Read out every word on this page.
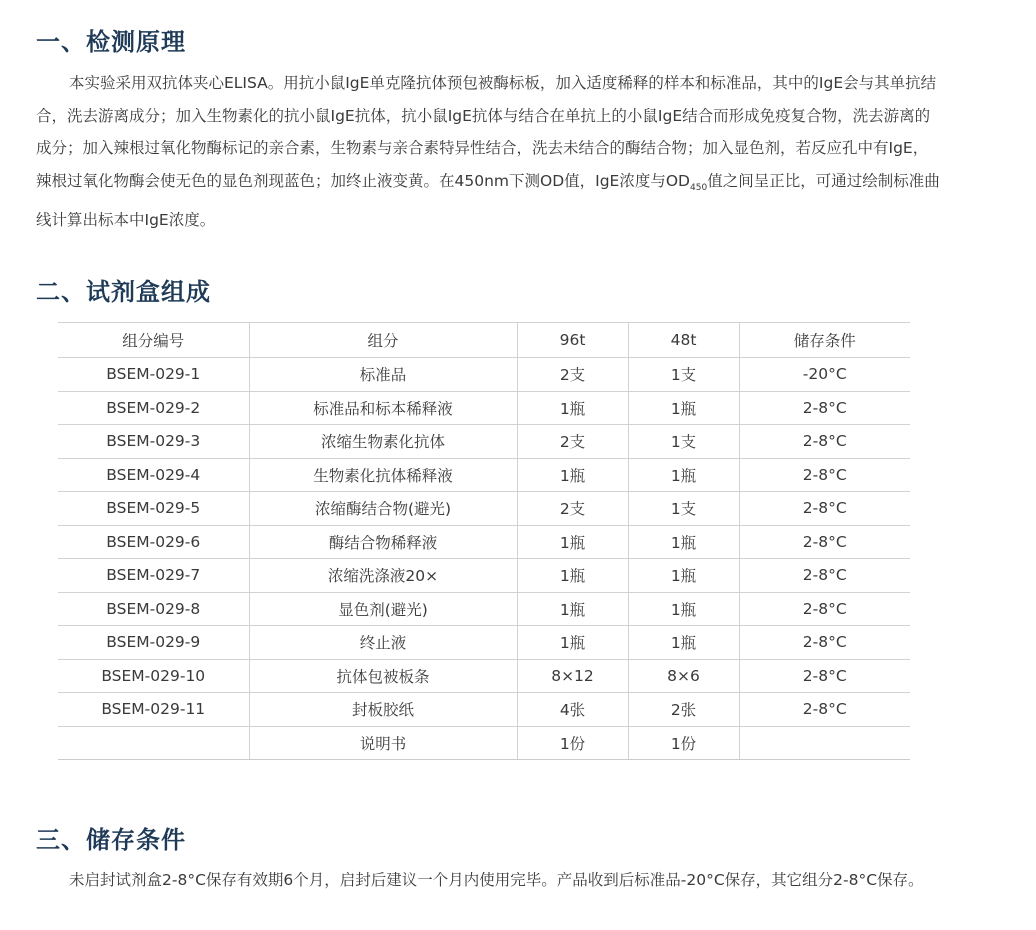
一、检测原理

本实验采用双抗体夹心ELISA。用抗小鼠IgE单克隆抗体预包被酶标板，加入适度稀释的样本和标准品，其中的IgE会与其单抗结合，洗去游离成分；加入生物素化的抗小鼠IgE抗体，抗小鼠IgE抗体与结合在单抗上的小鼠IgE结合而形成免疫复合物，洗去游离的成分；加入辣根过氧化物酶标记的亲合素，生物素与亲合素特异性结合，洗去未结合的酶结合物；加入显色剂，若反应孔中有IgE，辣根过氧化物酶会使无色的显色剂现蓝色；加终止液变黄。在450nm下测OD值，IgE浓度与$OD_{450}$值之间呈正比，可通过绘制标准曲线计算出标本中IgE浓度。

二、试剂盒组成
组分编号	组分	96t	48t	储存条件
BSEM-029-1	标准品	2支	1支	-20°C
BSEM-029-2	标准品和标本稀释液	1瓶	1瓶	2-8°C
BSEM-029-3	浓缩生物素化抗体	2支	1支	2-8°C
BSEM-029-4	生物素化抗体稀释液	1瓶	1瓶	2-8°C
BSEM-029-5	浓缩酶结合物(避光)	2支	1支	2-8°C
BSEM-029-6	酶结合物稀释液	1瓶	1瓶	2-8°C
BSEM-029-7	浓缩洗涤液20×	1瓶	1瓶	2-8°C
BSEM-029-8	显色剂(避光)	1瓶	1瓶	2-8°C
BSEM-029-9	终止液	1瓶	1瓶	2-8°C
BSEM-029-10	抗体包被板条	8×12	8×6	2-8°C
BSEM-029-11	封板胶纸	4张	2张	2-8°C
	说明书	1份	1份	
三、储存条件

未启封试剂盒2-8°C保存有效期6个月，启封后建议一个月内使用完毕。产品收到后标准品-20°C保存，其它组分2-8°C保存。
